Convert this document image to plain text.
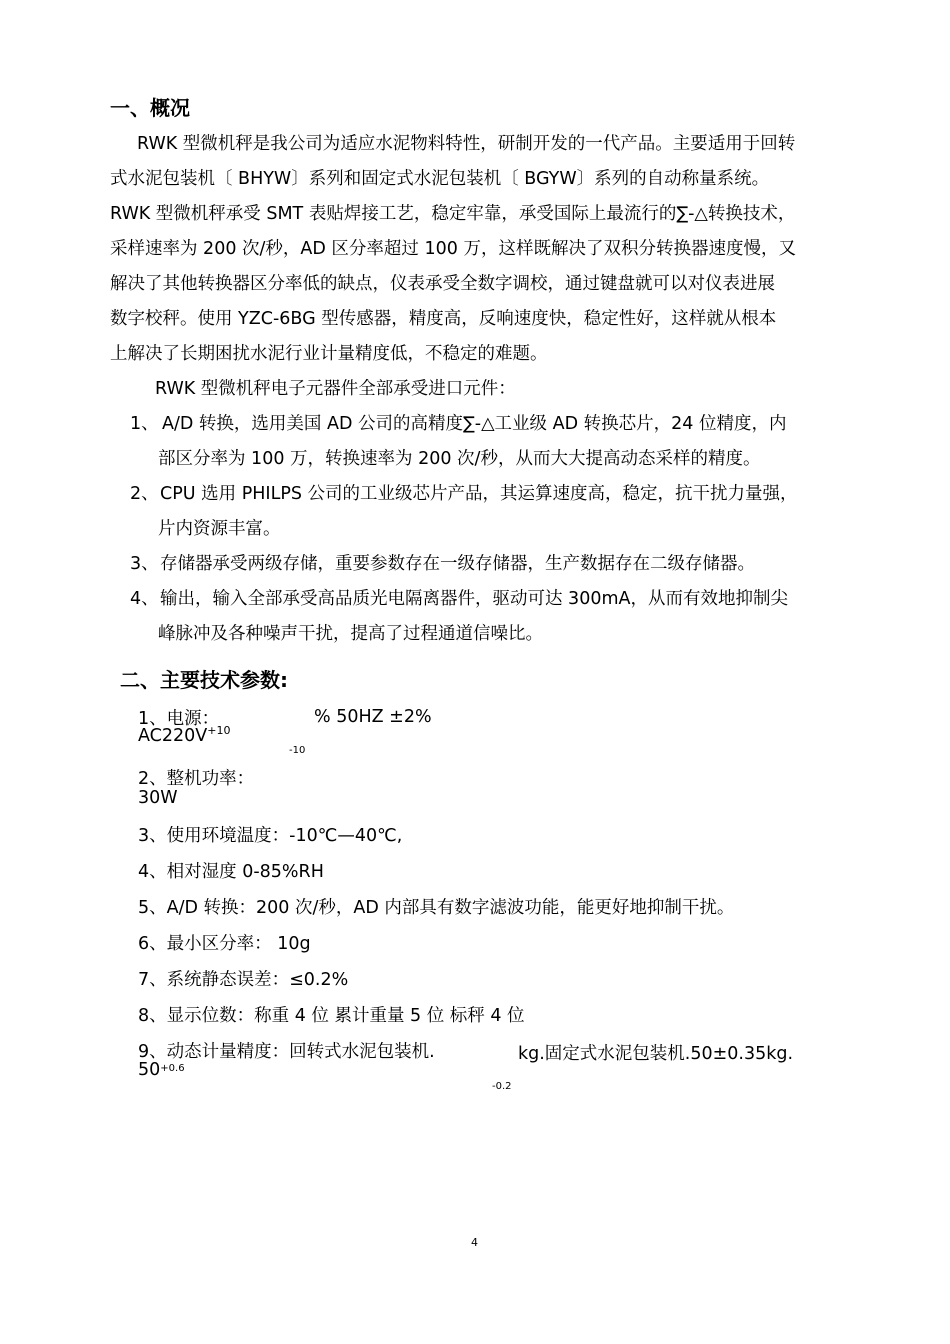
一、概况
RWK 型微机秤是我公司为适应水泥物料特性，研制开发的一代产品。主要适用于回转
式水泥包装机〔 BHYW〕系列和固定式水泥包装机〔 BGYW〕系列的自动称量系统。
RWK 型微机秤承受 SMT 表贴焊接工艺，稳定牢靠，承受国际上最流行的∑-△转换技术，
采样速率为 200 次/秒，AD 区分率超过 100 万，这样既解决了双积分转换器速度慢，又
解决了其他转换器区分率低的缺点，仪表承受全数字调校，通过键盘就可以对仪表进展
数字校秤。使用 YZC-6BG 型传感器，精度高，反响速度快，稳定性好，这样就从根本
上解决了长期困扰水泥行业计量精度低，不稳定的难题。
RWK 型微机秤电子元器件全部承受进口元件：
1、 A/D 转换，选用美国 AD 公司的高精度∑-△工业级 AD 转换芯片，24 位精度，内
部区分率为 100 万，转换速率为 200 次/秒，从而大大提高动态采样的精度。
2、 CPU 选用 PHILPS 公司的工业级芯片产品，其运算速度高，稳定，抗干扰力量强，
片内资源丰富。
3、 存储器承受两级存储，重要参数存在一级存储器，生产数据存在二级存储器。
4、 输出，输入全部承受高品质光电隔离器件，驱动可达 300mA，从而有效地抑制尖
峰脉冲及各种噪声干扰，提高了过程通道信噪比。
二、主要技术参数:
1、电源：
$AC220V^{+10}$
% 50HZ ±2%
-10
2、整机功率：
30W
3、使用环境温度：-10℃—40℃,
4、相对湿度 0-85%RH
5、A/D 转换：200 次/秒，AD 内部具有数字滤波功能，能更好地抑制干扰。
6、最小区分率： 10g
7、系统静态误差：≤0.2%
8、显示位数：称重 4 位 累计重量 5 位 标秤 4 位
9、动态计量精度：回转式水泥包装机.
$50^{+0.6}$
kg.固定式水泥包装机.50±0.35kg.
-0.2
4
